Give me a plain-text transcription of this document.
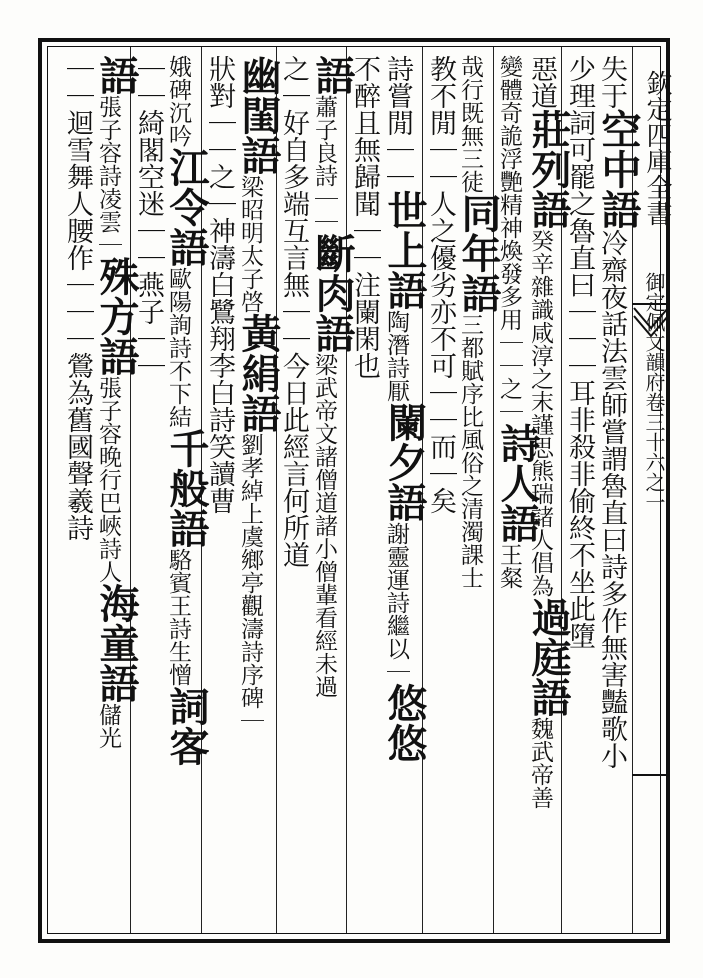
欽定四庫全書
御定佩文韻府卷三十六之一
失于
空中語
冷齋夜話法雲師嘗謂魯直曰詩多作無害豔歌小
少理
詞可罷之魯直曰｜｜｜耳非殺非偷終不坐此墮
惡道
莊列語
癸辛雜識咸淳之末謹思熊瑞諸人倡為
過庭語
魏武帝善
變體奇詭浮艷精神煥發多用｜｜之｜
詩人語
王粲
哉行既無三徒
同年語
三都賦序比風俗之清濁課士
教不閒｜｜
人之優劣亦不可｜｜而｜矣
詩嘗閒｜｜
世上語
陶潛詩厭
闌夕語
謝靈運詩繼以｜
悠悠
不醉且無歸
聞｜｜
注闌閑也
語
蕭子良詩｜｜
斷肉語
梁武帝文諸僧道諸小僧輩看經未過
之｜好自多端
互言無｜｜今日此經言何所道
幽閨語
梁昭明太子啓
黃絹語
劉孝綽上虞鄉亭觀濤詩序碑｜
狀對｜｜之｜
神濤白鷺翔李白詩笑讀曹
娥碑沉吟
江令語
歐陽詢詩不下結
千般語
駱賓王詩生憎
詞客
｜｜
綺閣空迷｜｜
燕子｜｜
語
張子容詩凌雲｜
殊方語
張子容晚行巴峽詩人
海童語
儲光
｜｜迴雪舞人腰
作｜｜｜鶯為舊國聲
羲詩
